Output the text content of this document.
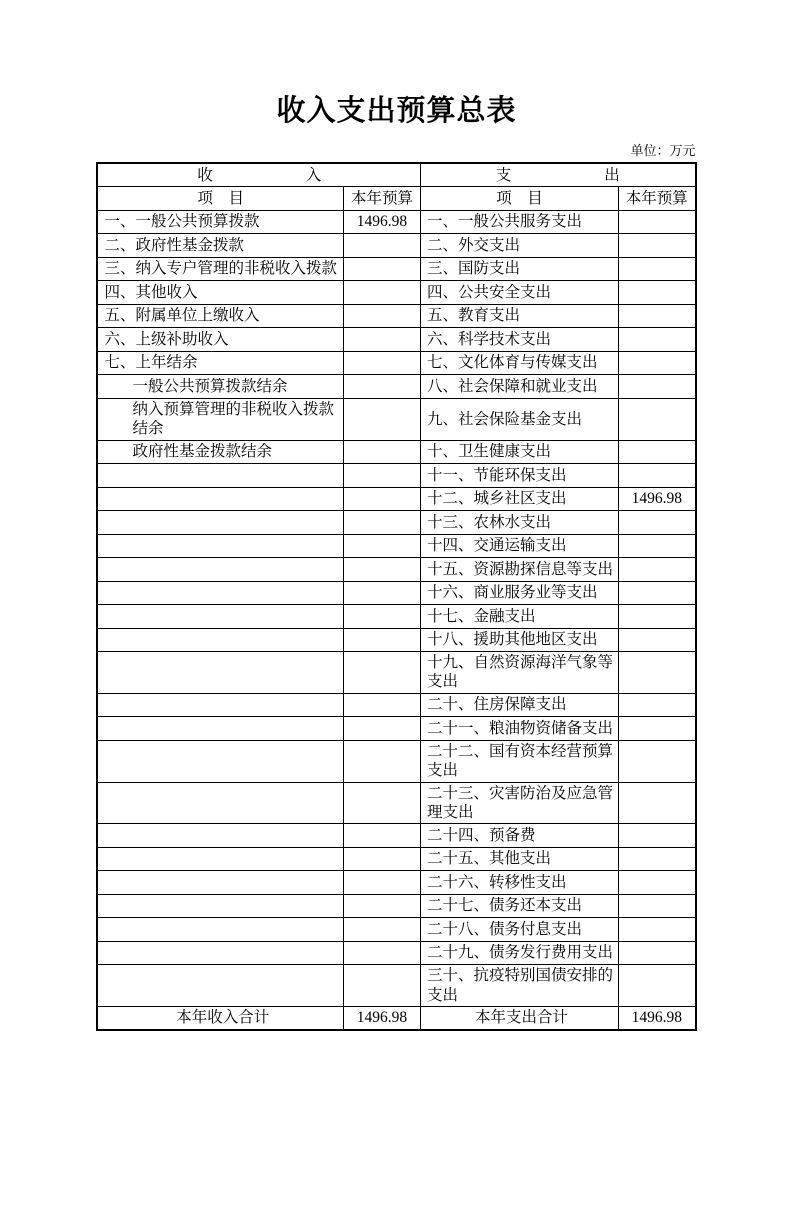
收入支出预算总表
单位：万元
收　　　　　　入		支　　　　　　出	
项　目	本年预算	项　目	本年预算
一、一般公共预算拨款	1496.98	一、一般公共服务支出	
二、政府性基金拨款		二、外交支出	
三、纳入专户管理的非税收入拨款		三、国防支出	
四、其他收入		四、公共安全支出	
五、附属单位上缴收入		五、教育支出	
六、上级补助收入		六、科学技术支出	
七、上年结余		七、文化体育与传媒支出	
一般公共预算拨款结余		八、社会保障和就业支出	
纳入预算管理的非税收入拨款结余		九、社会保险基金支出	
政府性基金拨款结余		十、卫生健康支出	
		十一、节能环保支出	
		十二、城乡社区支出	1496.98
		十三、农林水支出	
		十四、交通运输支出	
		十五、资源勘探信息等支出	
		十六、商业服务业等支出	
		十七、金融支出	
		十八、援助其他地区支出	
		十九、自然资源海洋气象等支出	
		二十、住房保障支出	
		二十一、粮油物资储备支出	
		二十二、国有资本经营预算支出	
		二十三、灾害防治及应急管理支出	
		二十四、预备费	
		二十五、其他支出	
		二十六、转移性支出	
		二十七、债务还本支出	
		二十八、债务付息支出	
		二十九、债务发行费用支出	
		三十、抗疫特别国债安排的支出	
本年收入合计	1496.98	本年支出合计	1496.98
